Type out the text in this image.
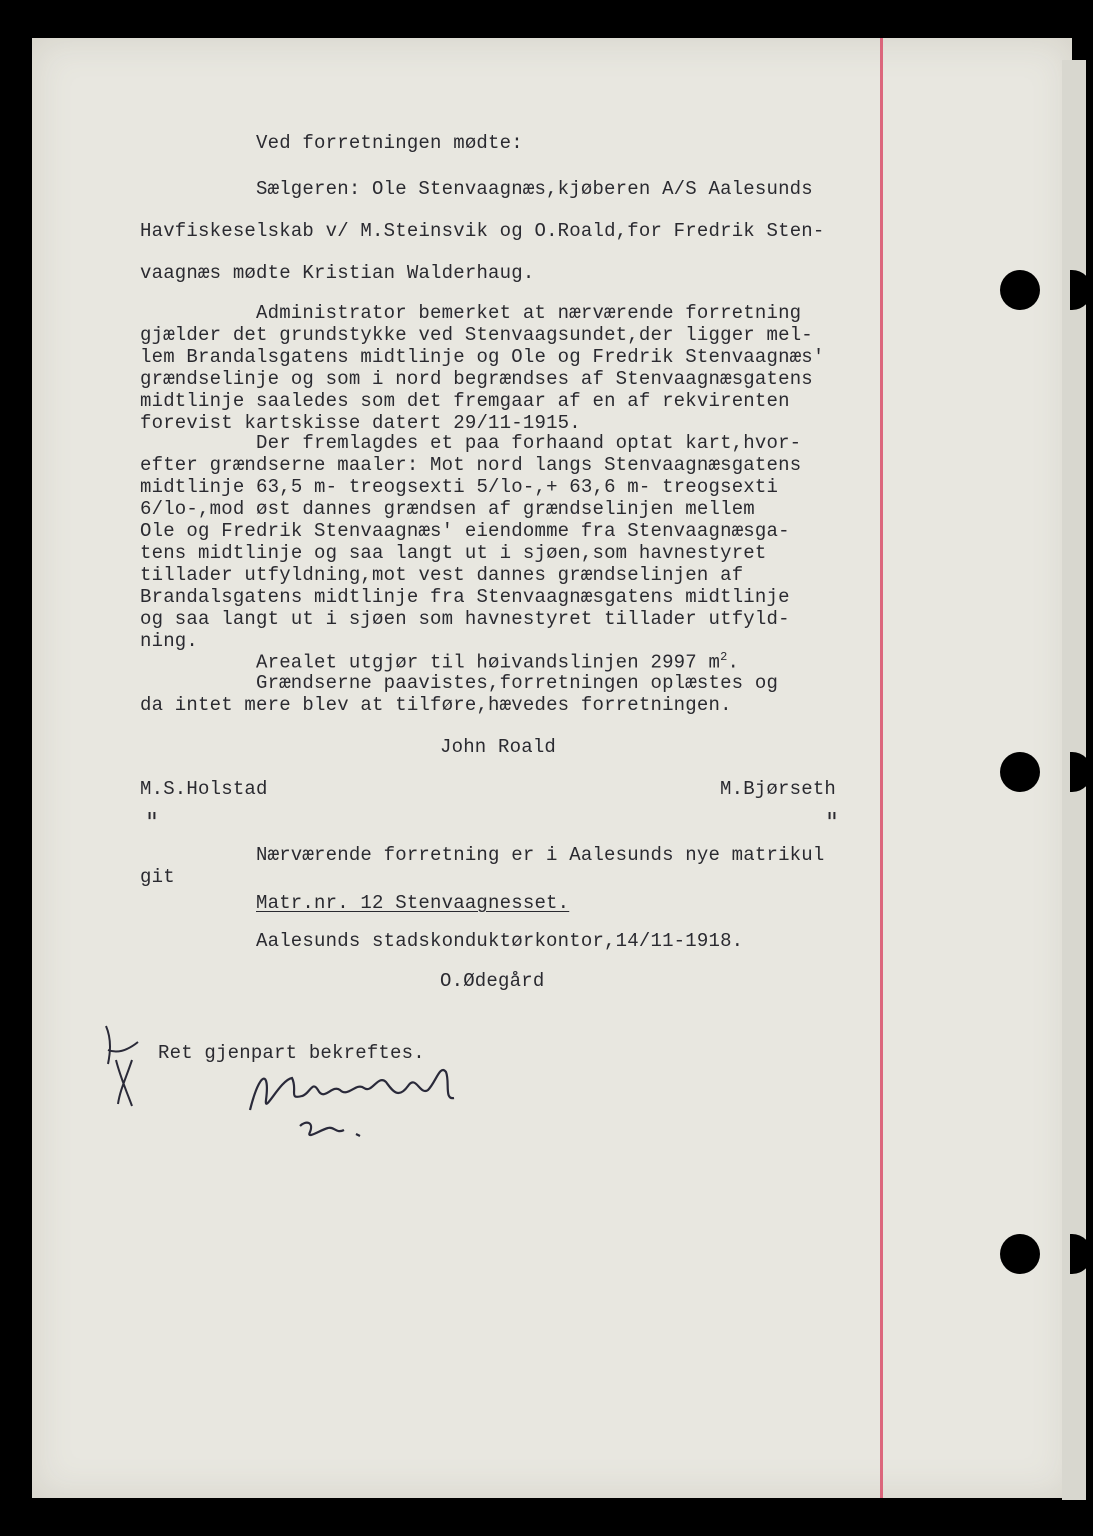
Ved forretningen mødte:
Sælgeren: Ole Stenvaagnæs,kjøberen A/S Aalesunds
Havfiskeselskab v/ M.Steinsvik og O.Roald,for Fredrik Sten-
vaagnæs mødte Kristian Walderhaug.
Administrator bemerket at nærværende forretning
gjælder det grundstykke ved Stenvaagsundet,der ligger mel-
lem Brandalsgatens midtlinje og Ole og Fredrik Stenvaagnæs'
grændselinje og som i nord begrændses af Stenvaagnæsgatens
midtlinje saaledes som det fremgaar af en af rekvirenten
forevist kartskisse datert 29/11-1915.
Der fremlagdes et paa forhaand optat kart,hvor-
efter grændserne maaler: Mot nord langs Stenvaagnæsgatens
midtlinje 63,5 m- treogsexti 5/lo-,+ 63,6 m- treogsexti
6/lo-,mod øst dannes grændsen af grændselinjen mellem
Ole og Fredrik Stenvaagnæs' eiendomme fra Stenvaagnæsga-
tens midtlinje og saa langt ut i sjøen,som havnestyret
tillader utfyldning,mot vest dannes grændselinjen af
Brandalsgatens midtlinje fra Stenvaagnæsgatens midtlinje
og saa langt ut i sjøen som havnestyret tillader utfyld-
ning.
Arealet utgjør til høivandslinjen 2997 $m^2$.
Grændserne paavistes,forretningen oplæstes og
da intet mere blev at tilføre,hævedes forretningen.
John Roald
M.S.Holstad	M.Bjørseth
"	"
Nærværende forretning er i Aalesunds nye matrikul
git
Matr.nr. 12 Stenvaagnesset.
Aalesunds stadskonduktørkontor,14/11-1918.
O.Ødegård
Ret gjenpart bekreftes.
